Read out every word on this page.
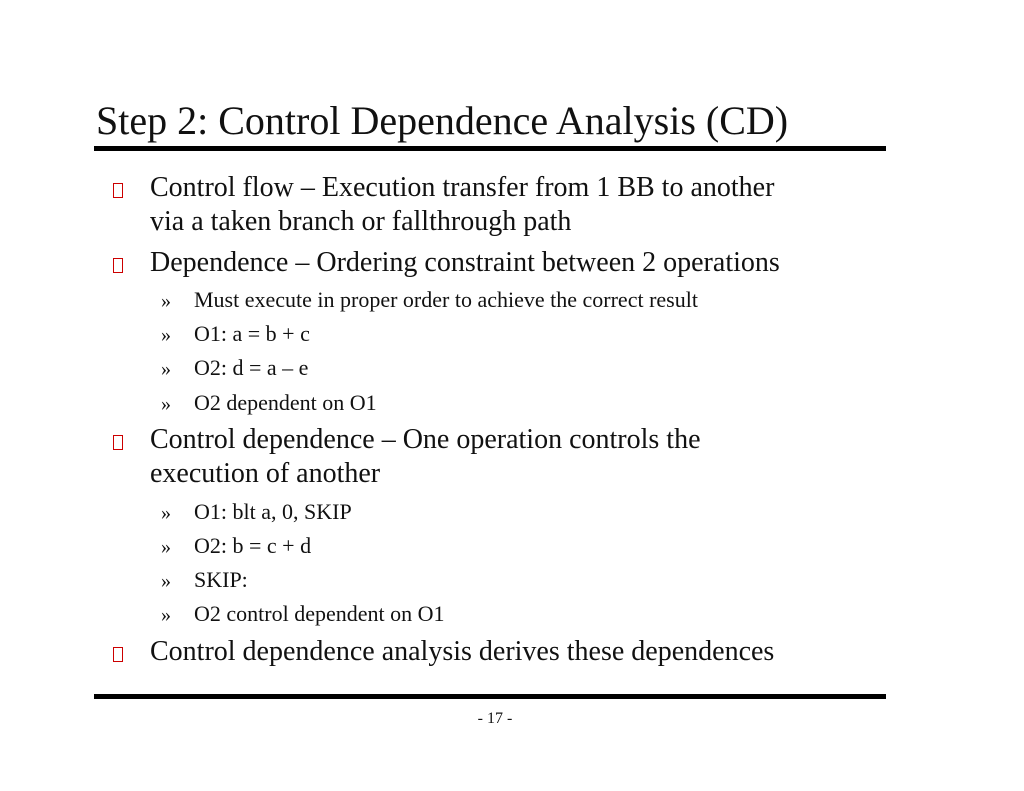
Step 2: Control Dependence Analysis (CD)
Control flow – Execution transfer from 1 BB to another
via a taken branch or fallthrough path
Dependence – Ordering constraint between 2 operations
» Must execute in proper order to achieve the correct result
» O1: a = b + c
» O2: d = a – e
» O2 dependent on O1
Control dependence – One operation controls the
execution of another
» O1: blt a, 0, SKIP
» O2: b = c + d
» SKIP:
» O2 control dependent on O1
Control dependence analysis derives these dependences
- 17 -
